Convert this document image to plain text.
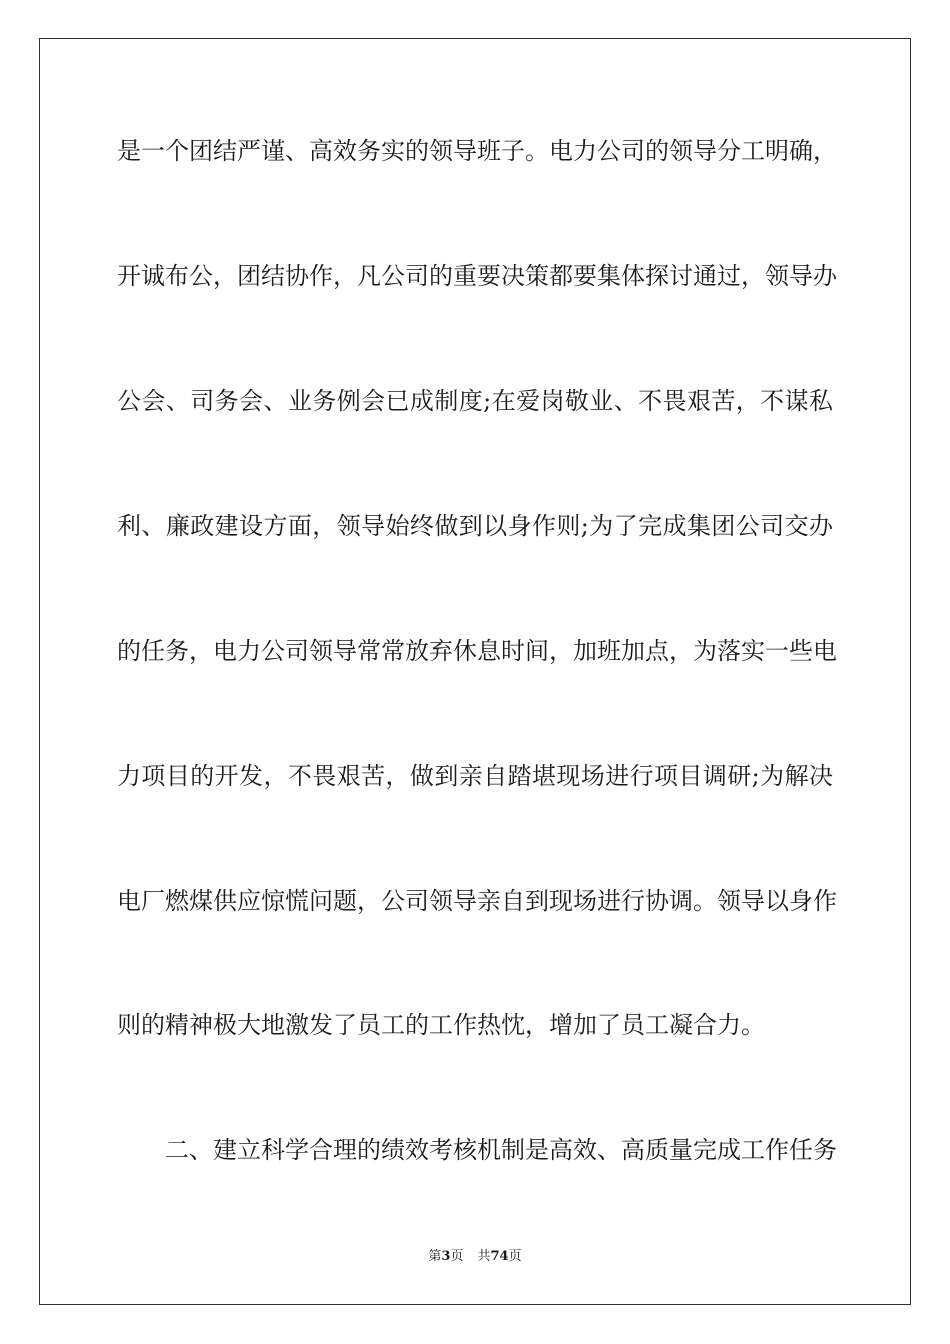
是一个团结严谨、高效务实的领导班子。电力公司的领导分工明确，
开诚布公，团结协作，凡公司的重要决策都要集体探讨通过，领导办
公会、司务会、业务例会已成制度;在爱岗敬业、不畏艰苦，不谋私
利、廉政建设方面，领导始终做到以身作则;为了完成集团公司交办
的任务，电力公司领导常常放弃休息时间，加班加点，为落实一些电
力项目的开发，不畏艰苦，做到亲自踏堪现场进行项目调研;为解决
电厂燃煤供应惊慌问题，公司领导亲自到现场进行协调。领导以身作
则的精神极大地激发了员工的工作热忱，增加了员工凝合力。
二、建立科学合理的绩效考核机制是高效、高质量完成工作任务
第3页 共74页
